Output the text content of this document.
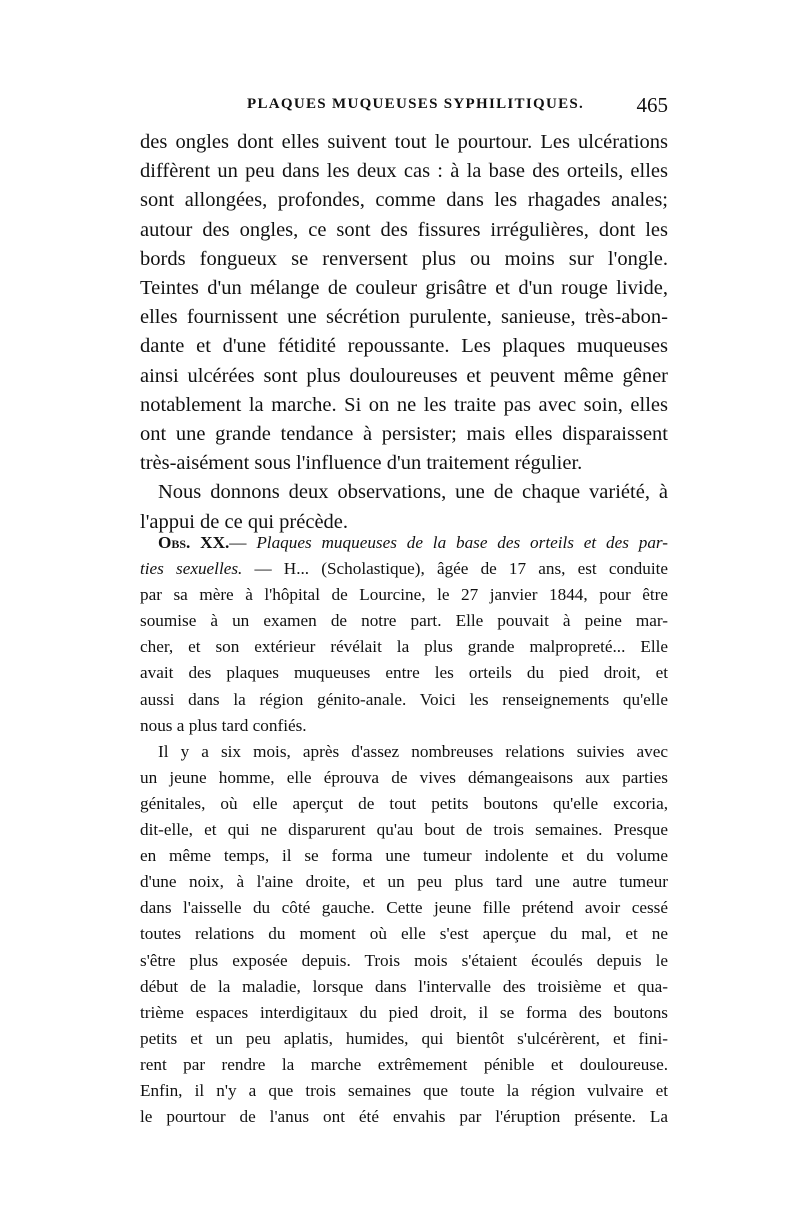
PLAQUES MUQUEUSES SYPHILITIQUES. 465
des ongles dont elles suivent tout le pourtour. Les ulcérations
diffèrent un peu dans les deux cas : à la base des orteils, elles
sont allongées, profondes, comme dans les rhagades anales;
autour des ongles, ce sont des fissures irrégulières, dont les
bords fongueux se renversent plus ou moins sur l'ongle.
Teintes d'un mélange de couleur grisâtre et d'un rouge livide,
elles fournissent une sécrétion purulente, sanieuse, très-abon-
dante et d'une fétidité repoussante. Les plaques muqueuses
ainsi ulcérées sont plus douloureuses et peuvent même gêner
notablement la marche. Si on ne les traite pas avec soin, elles
ont une grande tendance à persister; mais elles disparaissent
très-aisément sous l'influence d'un traitement régulier.
Nous donnons deux observations, une de chaque variété, à
l'appui de ce qui précède.
Obs. XX.— Plaques muqueuses de la base des orteils et des par-
ties sexuelles. — H... (Scholastique), âgée de 17 ans, est conduite
par sa mère à l'hôpital de Lourcine, le 27 janvier 1844, pour être
soumise à un examen de notre part. Elle pouvait à peine mar-
cher, et son extérieur révélait la plus grande malpropreté... Elle
avait des plaques muqueuses entre les orteils du pied droit, et
aussi dans la région génito-anale. Voici les renseignements qu'elle
nous a plus tard confiés.
Il y a six mois, après d'assez nombreuses relations suivies avec
un jeune homme, elle éprouva de vives démangeaisons aux parties
génitales, où elle aperçut de tout petits boutons qu'elle excoria,
dit-elle, et qui ne disparurent qu'au bout de trois semaines. Presque
en même temps, il se forma une tumeur indolente et du volume
d'une noix, à l'aine droite, et un peu plus tard une autre tumeur
dans l'aisselle du côté gauche. Cette jeune fille prétend avoir cessé
toutes relations du moment où elle s'est aperçue du mal, et ne
s'être plus exposée depuis. Trois mois s'étaient écoulés depuis le
début de la maladie, lorsque dans l'intervalle des troisième et qua-
trième espaces interdigitaux du pied droit, il se forma des boutons
petits et un peu aplatis, humides, qui bientôt s'ulcérèrent, et fini-
rent par rendre la marche extrêmement pénible et douloureuse.
Enfin, il n'y a que trois semaines que toute la région vulvaire et
le pourtour de l'anus ont été envahis par l'éruption présente. La
